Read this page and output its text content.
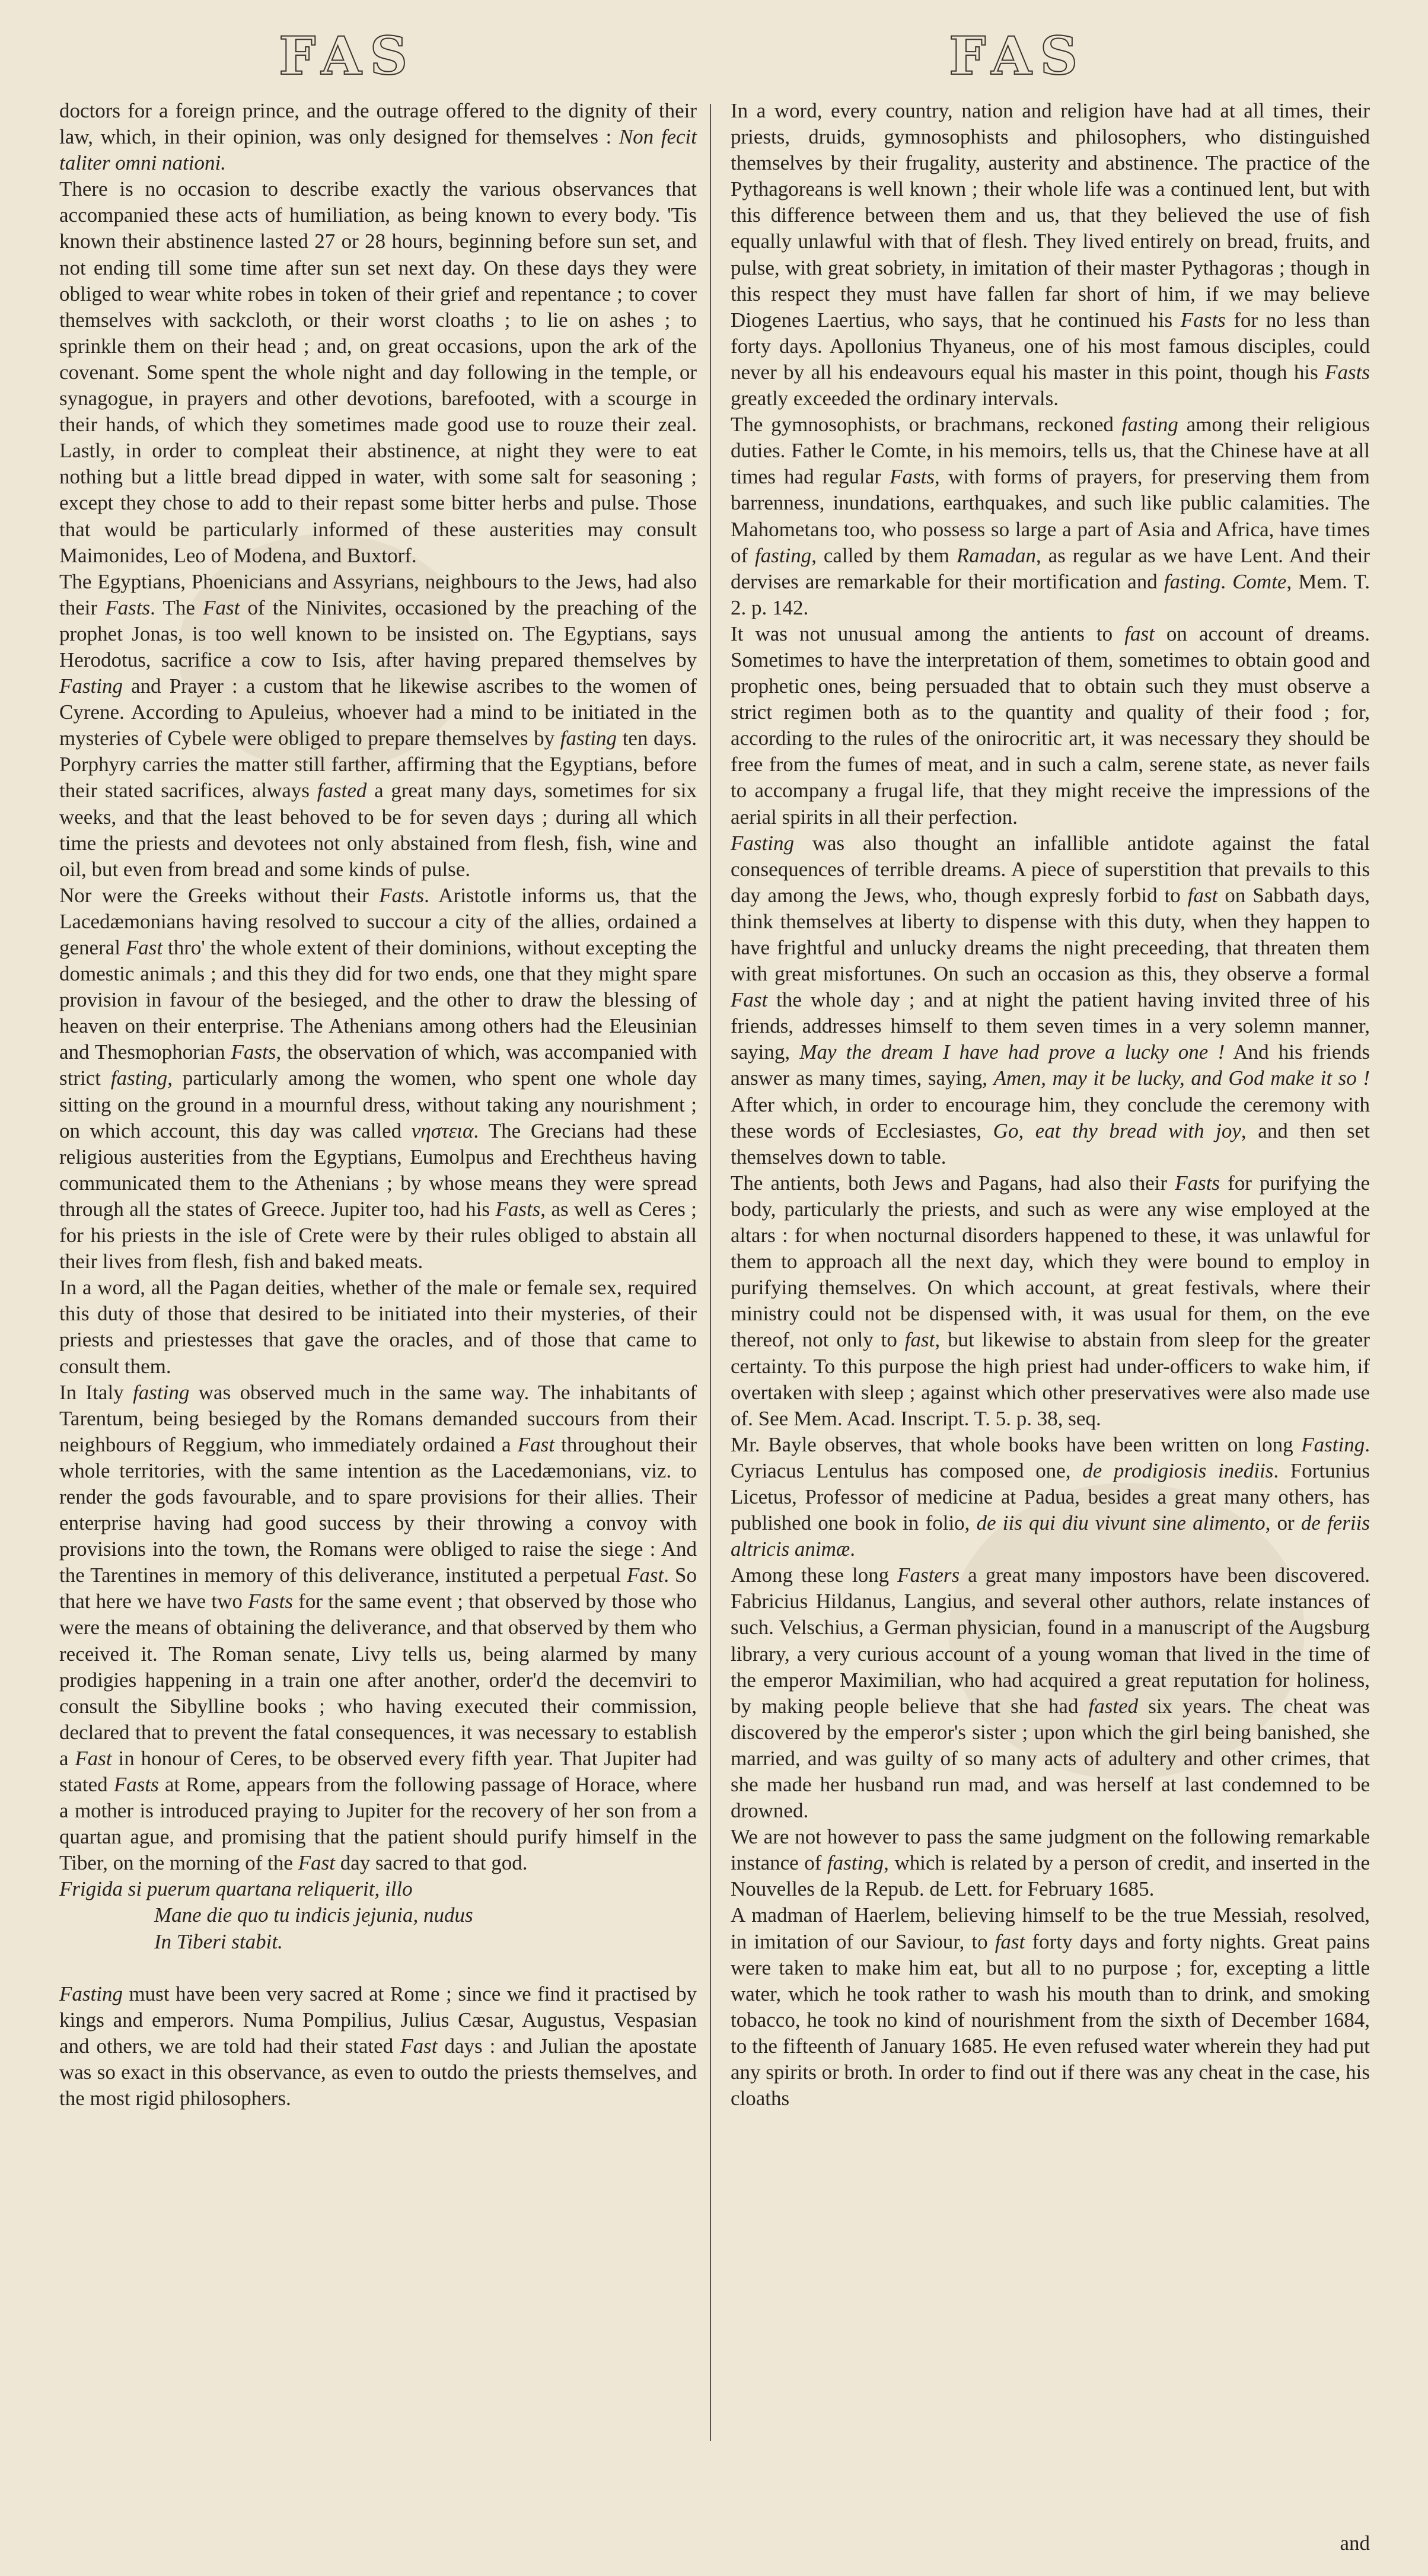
FAS	FAS

doctors for a foreign prince, and the outrage offered to the dignity of their law, which, in their opinion, was only designed for themselves : Non fecit taliter omni nationi.

There is no occasion to describe exactly the various observances that accompanied these acts of humiliation, as being known to every body. 'Tis known their abstinence lasted 27 or 28 hours, beginning before sun set, and not ending till some time after sun set next day. On these days they were obliged to wear white robes in token of their grief and repentance ; to cover themselves with sackcloth, or their worst cloaths ; to lie on ashes ; to sprinkle them on their head ; and, on great occasions, upon the ark of the covenant. Some spent the whole night and day following in the temple, or synagogue, in prayers and other devotions, barefooted, with a scourge in their hands, of which they sometimes made good use to rouze their zeal. Lastly, in order to compleat their abstinence, at night they were to eat nothing but a little bread dipped in water, with some salt for seasoning ; except they chose to add to their repast some bitter herbs and pulse. Those that would be particularly informed of these austerities may consult Maimonides, Leo of Modena, and Buxtorf.

The Egyptians, Phoenicians and Assyrians, neighbours to the Jews, had also their Fasts. The Fast of the Ninivites, occasioned by the preaching of the prophet Jonas, is too well known to be insisted on. The Egyptians, says Herodotus, sacrifice a cow to Isis, after having prepared themselves by Fasting and Prayer : a custom that he likewise ascribes to the women of Cyrene. According to Apuleius, whoever had a mind to be initiated in the mysteries of Cybele were obliged to prepare themselves by fasting ten days. Porphyry carries the matter still farther, affirming that the Egyptians, before their stated sacrifices, always fasted a great many days, sometimes for six weeks, and that the least behoved to be for seven days ; during all which time the priests and devotees not only abstained from flesh, fish, wine and oil, but even from bread and some kinds of pulse.

Nor were the Greeks without their Fasts. Aristotle informs us, that the Lacedæmonians having resolved to succour a city of the allies, ordained a general Fast thro' the whole extent of their dominions, without excepting the domestic animals ; and this they did for two ends, one that they might spare provision in favour of the besieged, and the other to draw the blessing of heaven on their enterprise. The Athenians among others had the Eleusinian and Thesmophorian Fasts, the observation of which, was accompanied with strict fasting, particularly among the women, who spent one whole day sitting on the ground in a mournful dress, without taking any nourishment ; on which account, this day was called νηστεια. The Grecians had these religious austerities from the Egyptians, Eumolpus and Erechtheus having communicated them to the Athenians ; by whose means they were spread through all the states of Greece. Jupiter too, had his Fasts, as well as Ceres ; for his priests in the isle of Crete were by their rules obliged to abstain all their lives from flesh, fish and baked meats.

In a word, all the Pagan deities, whether of the male or female sex, required this duty of those that desired to be initiated into their mysteries, of their priests and priestesses that gave the oracles, and of those that came to consult them.

In Italy fasting was observed much in the same way. The inhabitants of Tarentum, being besieged by the Romans demanded succours from their neighbours of Reggium, who immediately ordained a Fast throughout their whole territories, with the same intention as the Lacedæmonians, viz. to render the gods favourable, and to spare provisions for their allies. Their enterprise having had good success by their throwing a convoy with provisions into the town, the Romans were obliged to raise the siege : And the Tarentines in memory of this deliverance, instituted a perpetual Fast. So that here we have two Fasts for the same event ; that observed by those who were the means of obtaining the deliverance, and that observed by them who received it. The Roman senate, Livy tells us, being alarmed by many prodigies happening in a train one after another, order'd the decemviri to consult the Sibylline books ; who having executed their commission, declared that to prevent the fatal consequences, it was necessary to establish a Fast in honour of Ceres, to be observed every fifth year. That Jupiter had stated Fasts at Rome, appears from the following passage of Horace, where a mother is introduced praying to Jupiter for the recovery of her son from a quartan ague, and promising that the patient should purify himself in the Tiber, on the morning of the Fast day sacred to that god.

Frigida si puerum quartana reliquerit, illo

Mane die quo tu indicis jejunia, nudus

In Tiberi stabit.

Fasting must have been very sacred at Rome ; since we find it practised by kings and emperors. Numa Pompilius, Julius Cæsar, Augustus, Vespasian and others, we are told had their stated Fast days : and Julian the apostate was so exact in this observance, as even to outdo the priests themselves, and the most rigid philosophers.

In a word, every country, nation and religion have had at all times, their priests, druids, gymnosophists and philosophers, who distinguished themselves by their frugality, austerity and abstinence. The practice of the Pythagoreans is well known ; their whole life was a continued lent, but with this difference between them and us, that they believed the use of fish equally unlawful with that of flesh. They lived entirely on bread, fruits, and pulse, with great sobriety, in imitation of their master Pythagoras ; though in this respect they must have fallen far short of him, if we may believe Diogenes Laertius, who says, that he continued his Fasts for no less than forty days. Apollonius Thyaneus, one of his most famous disciples, could never by all his endeavours equal his master in this point, though his Fasts greatly exceeded the ordinary intervals.

The gymnosophists, or brachmans, reckoned fasting among their religious duties. Father le Comte, in his memoirs, tells us, that the Chinese have at all times had regular Fasts, with forms of prayers, for preserving them from barrenness, inundations, earthquakes, and such like public calamities. The Mahometans too, who possess so large a part of Asia and Africa, have times of fasting, called by them Ramadan, as regular as we have Lent. And their dervises are remarkable for their mortification and fasting. Comte, Mem. T. 2. p. 142.

It was not unusual among the antients to fast on account of dreams. Sometimes to have the interpretation of them, sometimes to obtain good and prophetic ones, being persuaded that to obtain such they must observe a strict regimen both as to the quantity and quality of their food ; for, according to the rules of the onirocritic art, it was necessary they should be free from the fumes of meat, and in such a calm, serene state, as never fails to accompany a frugal life, that they might receive the impressions of the aerial spirits in all their perfection.

Fasting was also thought an infallible antidote against the fatal consequences of terrible dreams. A piece of superstition that prevails to this day among the Jews, who, though expresly forbid to fast on Sabbath days, think themselves at liberty to dispense with this duty, when they happen to have frightful and unlucky dreams the night preceeding, that threaten them with great misfortunes. On such an occasion as this, they observe a formal Fast the whole day ; and at night the patient having invited three of his friends, addresses himself to them seven times in a very solemn manner, saying, May the dream I have had prove a lucky one ! And his friends answer as many times, saying, Amen, may it be lucky, and God make it so ! After which, in order to encourage him, they conclude the ceremony with these words of Ecclesiastes, Go, eat thy bread with joy, and then set themselves down to table.

The antients, both Jews and Pagans, had also their Fasts for purifying the body, particularly the priests, and such as were any wise employed at the altars : for when nocturnal disorders happened to these, it was unlawful for them to approach all the next day, which they were bound to employ in purifying themselves. On which account, at great festivals, where their ministry could not be dispensed with, it was usual for them, on the eve thereof, not only to fast, but likewise to abstain from sleep for the greater certainty. To this purpose the high priest had under-officers to wake him, if overtaken with sleep ; against which other preservatives were also made use of. See Mem. Acad. Inscript. T. 5. p. 38, seq.

Mr. Bayle observes, that whole books have been written on long Fasting. Cyriacus Lentulus has composed one, de prodigiosis inediis. Fortunius Licetus, Professor of medicine at Padua, besides a great many others, has published one book in folio, de iis qui diu vivunt sine alimento, or de feriis altricis animæ.

Among these long Fasters a great many impostors have been discovered. Fabricius Hildanus, Langius, and several other authors, relate instances of such. Velschius, a German physician, found in a manuscript of the Augsburg library, a very curious account of a young woman that lived in the time of the emperor Maximilian, who had acquired a great reputation for holiness, by making people believe that she had fasted six years. The cheat was discovered by the emperor's sister ; upon which the girl being banished, she married, and was guilty of so many acts of adultery and other crimes, that she made her husband run mad, and was herself at last condemned to be drowned.

We are not however to pass the same judgment on the following remarkable instance of fasting, which is related by a person of credit, and inserted in the Nouvelles de la Repub. de Lett. for February 1685.

A madman of Haerlem, believing himself to be the true Messiah, resolved, in imitation of our Saviour, to fast forty days and forty nights. Great pains were taken to make him eat, but all to no purpose ; for, excepting a little water, which he took rather to wash his mouth than to drink, and smoking tobacco, he took no kind of nourishment from the sixth of December 1684, to the fifteenth of January 1685. He even refused water wherein they had put any spirits or broth. In order to find out if there was any cheat in the case, his cloaths

and
